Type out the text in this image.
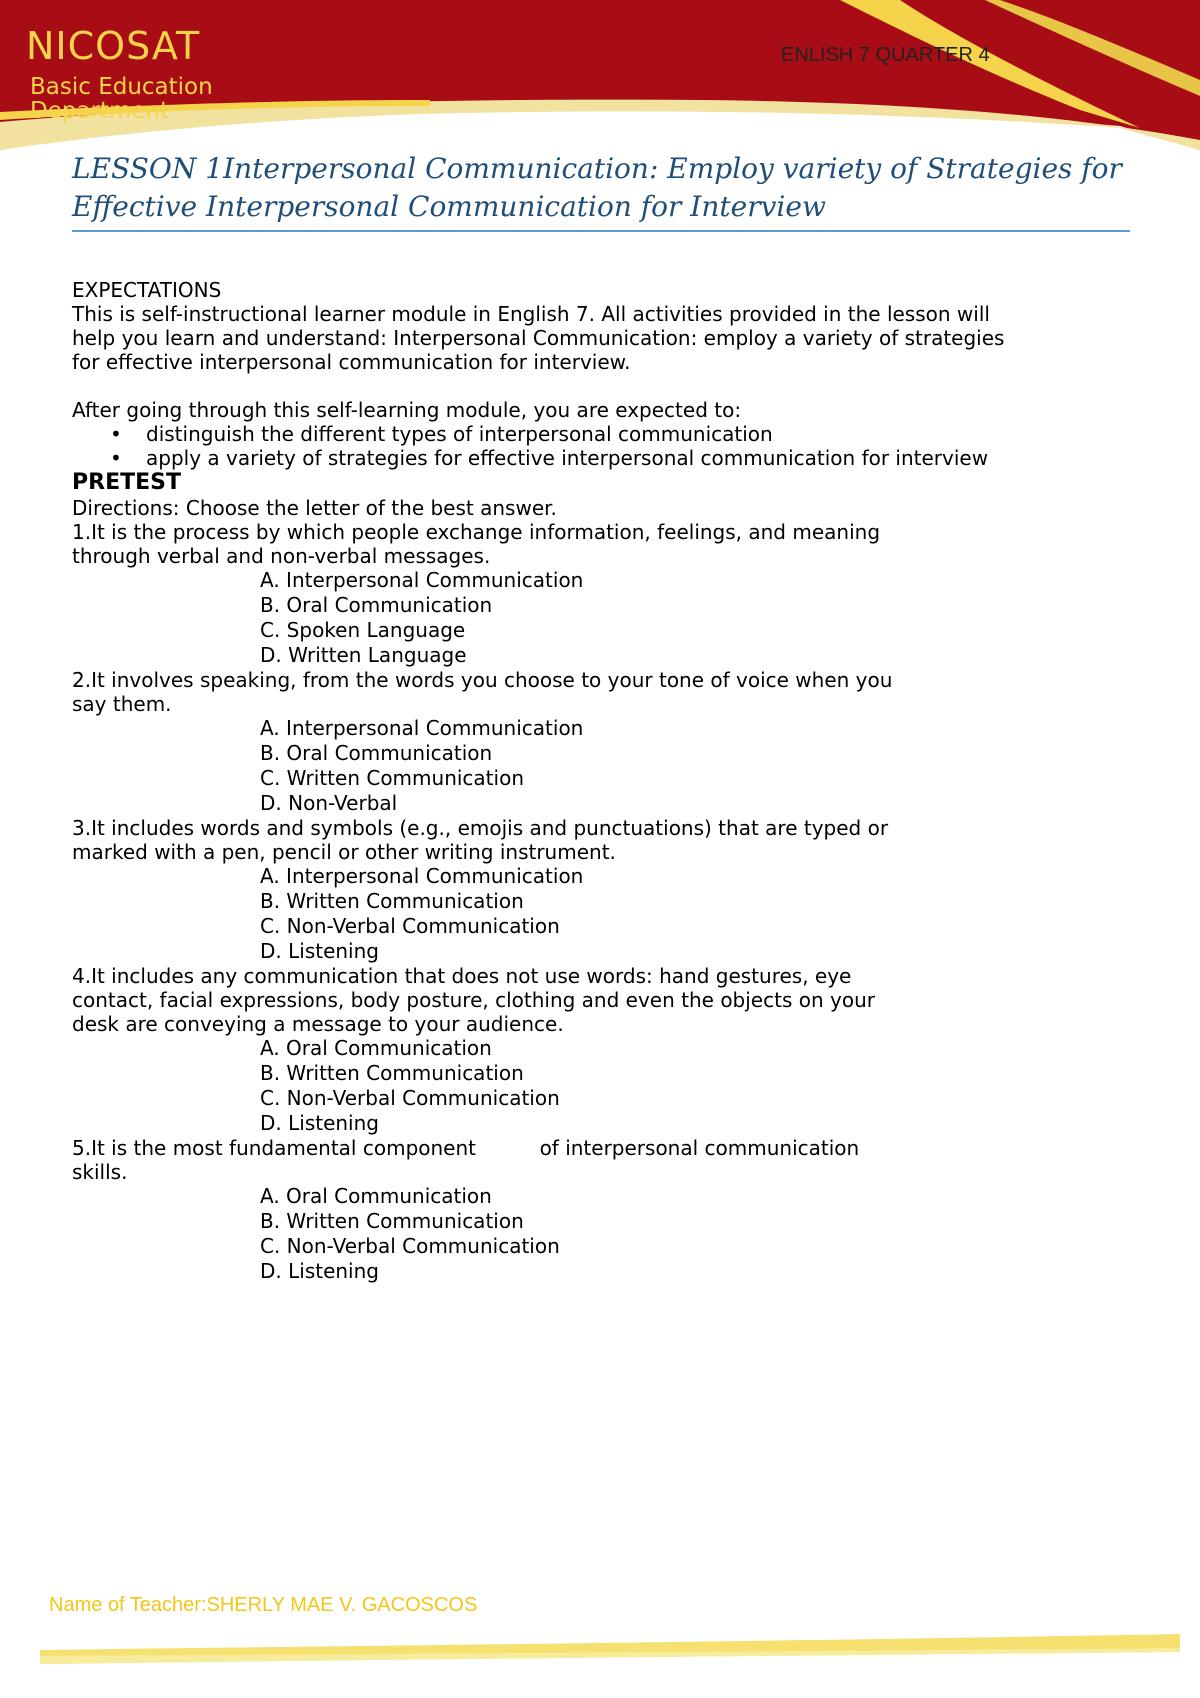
NICOSAT
Basic Education
ENLISH 7 QUARTER 4
LESSON 1Interpersonal Communication: Employ variety of Strategies for
Effective Interpersonal Communication for Interview

EXPECTATIONS

This is self-instructional learner module in English 7. All activities provided in the lesson will

help you learn and understand: Interpersonal Communication: employ a variety of strategies

for effective interpersonal communication for interview.

After going through this self-learning module, you are expected to:

• distinguish the different types of interpersonal communication
• apply a variety of strategies for effective interpersonal communication for interview

PRETEST

Directions: Choose the letter of the best answer.

1.It is the process by which people exchange information, feelings, and meaning

through verbal and non-verbal messages.

A. Interpersonal Communication
B. Oral Communication
C. Spoken Language
D. Written Language

2.It involves speaking, from the words you choose to your tone of voice when you

say them.

A. Interpersonal Communication
B. Oral Communication
C. Written Communication
D. Non-Verbal

3.It includes words and symbols (e.g., emojis and punctuations) that are typed or

marked with a pen, pencil or other writing instrument.

A. Interpersonal Communication
B. Written Communication
C. Non-Verbal Communication
D. Listening

4.It includes any communication that does not use words: hand gestures, eye

contact, facial expressions, body posture, clothing and even the objects on your

desk are conveying a message to your audience.

A. Oral Communication
B. Written Communication
C. Non-Verbal Communication
D. Listening

5.It is the most fundamental component          of interpersonal communication

skills.

A. Oral Communication
B. Written Communication
C. Non-Verbal Communication
D. Listening
Name of Teacher:SHERLY MAE V. GACOSCOS
